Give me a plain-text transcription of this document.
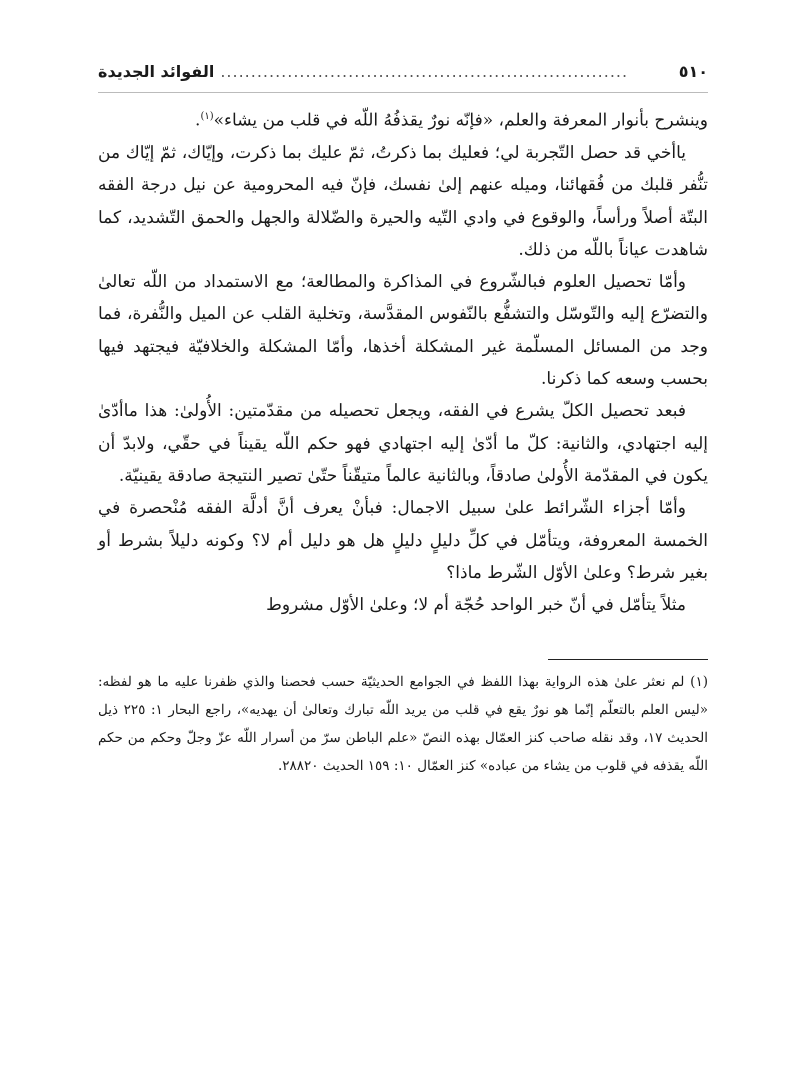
٥١٠
...................................................................
الفوائد الجديدة

وينشرح بأنوار المعرفة والعلم، «فإنّه نورٌ يقذفُهُ اللّه في قلب من يشاء»$^{(١)}$.

ياأخي قد حصل التّجربة لي؛ فعليك بما ذكرتُ، ثمّ عليك بما ذكرت، وإيّاك، ثمّ إيّاك من تنُّفر قلبك من فُقهائنا، وميله عنهم إلىٰ نفسك، فإنّ فيه المحرومية عن نيل درجة الفقه البتّة أصلاً ورأساً، والوقوع في وادي التّيه والحيرة والضّلالة والجهل والحمق التّشديد، كما شاهدت عياناً باللّه من ذلك.

وأمّا تحصيل العلوم فبالشّروع في المذاكرة والمطالعة؛ مع الاستمداد من اللّه تعالىٰ والتضرّع إليه والتّوسّل والتشفُّع بالنّفوس المقدَّسة، وتخلية القلب عن الميل والنُّفرة، فما وجد من المسائل المسلّمة غير المشكلة أخذها، وأمّا المشكلة والخلافيّة فيجتهد فيها بحسب وسعه كما ذكرنا.

فبعد تحصيل الكلّ يشرع في الفقه، ويجعل تحصيله من مقدّمتين: الأُولىٰ: هذا ماأدّىٰ إليه اجتهادي، والثانية: كلّ ما أدّىٰ إليه اجتهادي فهو حكم اللّه يقيناً في حقّي، ولابدّ أن يكون في المقدّمة الأُولىٰ صادقاً، وبالثانية عالماً متيقّناً حتّىٰ تصير النتيجة صادقة يقينيّة.

وأمّا أجزاء الشّرائط علىٰ سبيل الاجمال: فبأنْ يعرف أنَّ أدلَّة الفقه مُنْحصرة في الخمسة المعروفة، ويتأمّل في كلِّ دليلٍ دليلٍ هل هو دليل أم لا؟ وكونه دليلاً بشرط أو بغير شرط؟ وعلىٰ الأوّل الشّرط ماذا؟

مثلاً يتأمّل في أنّ خبر الواحد حُجّة أم لا؛ وعلىٰ الأوّل مشروط

(١) لم نعثر علىٰ هذه الرواية بهذا اللفظ في الجوامع الحديثيّة حسب فحصنا والذي ظفرنا عليه ما هو لفظه: «ليس العلم بالتعلّم إنّما هو نورٌ يقع في قلب من يريد اللّه تبارك وتعالىٰ أن يهديه»، راجع البحار ١: ٢٢٥ ذيل الحديث ١٧، وقد نقله صاحب كنز العمّال بهذه النصّ «علم الباطن سرّ من أسرار اللّه عزّ وجلّ وحكم من حكم اللّه يقذفه في قلوب من يشاء من عباده» كنز العمّال ١٠: ١٥٩ الحديث ٢٨٨٢٠.
